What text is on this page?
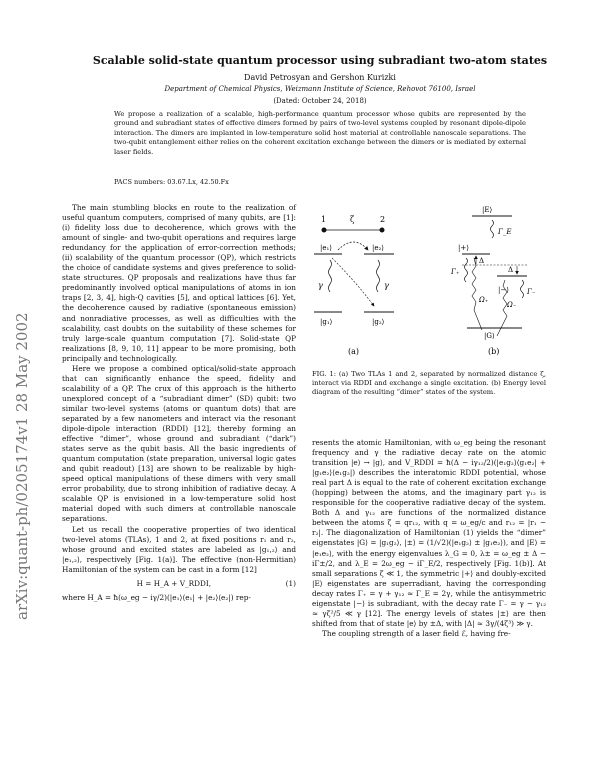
arXiv:quant-ph/0205174v1 28 May 2002
Scalable solid-state quantum processor using subradiant two-atom states
David Petrosyan and Gershon Kurizki
Department of Chemical Physics, Weizmann Institute of Science, Rehovot 76100, Israel
(Dated: October 24, 2018)
We propose a realization of a scalable, high-performance quantum processor whose qubits are represented by the ground and subradiant states of effective dimers formed by pairs of two-level systems coupled by resonant dipole-dipole interaction. The dimers are implanted in low-temperature solid host material at controllable nanoscale separations. The two-qubit entanglement either relies on the coherent excitation exchange between the dimers or is mediated by external laser fields.
PACS numbers: 03.67.Lx, 42.50.Fx

The main stumbling blocks en route to the realization of useful quantum computers, comprised of many qubits, are [1]: (i) fidelity loss due to decoherence, which grows with the amount of single- and two-qubit operations and requires large redundancy for the application of error-correction methods; (ii) scalability of the quantum processor (QP), which restricts the choice of candidate systems and gives preference to solid-state structures. QP proposals and realizations have thus far predominantly involved optical manipulations of atoms in ion traps [2, 3, 4], high-Q cavities [5], and optical lattices [6]. Yet, the decoherence caused by radiative (spontaneous emission) and nonradiative processes, as well as difficulties with the scalability, cast doubts on the suitability of these schemes for truly large-scale quantum computation [7]. Solid-state QP realizations [8, 9, 10, 11] appear to be more promising, both principally and technologically.

Here we propose a combined optical/solid-state approach that can significantly enhance the speed, fidelity and scalability of a QP. The crux of this approach is the hitherto unexplored concept of a “subradiant dimer” (SD) qubit: two similar two-level systems (atoms or quantum dots) that are separated by a few nanometers and interact via the resonant dipole-dipole interaction (RDDI) [12], thereby forming an effective “dimer”, whose ground and subradiant (“dark”) states serve as the qubit basis. All the basic ingredients of quantum computation (state preparation, universal logic gates and qubit readout) [13] are shown to be realizable by high-speed optical manipulations of these dimers with very small error probability, due to strong inhibition of radiative decay. A scalable QP is envisioned in a low-temperature solid host material doped with such dimers at controllable nanoscale separations.

Let us recall the cooperative properties of two identical two-level atoms (TLAs), 1 and 2, at fixed positions r₁ and r₂, whose ground and excited states are labeled as |g₁,₂⟩ and |e₁,₂⟩, respectively [Fig. 1(a)]. The effective (non-Hermitian) Hamiltonian of the system can be cast in a form [12]

H = H_A + V_RDDI,	(1)

where H_A = ħ(ω_eg − iγ/2)(|e₁⟩⟨e₁| + |e₂⟩⟨e₂|) rep-

1	2
ζ
|e₁⟩	|e₂⟩
|g₁⟩	|g₂⟩
γ	γ
(a)
|E⟩
Γ_E
|+⟩
|−⟩
Δ
Δ
Γ₊
Γ₋
|G⟩
Ω₊
Ω₋
(b)
FIG. 1: (a) Two TLAs 1 and 2, separated by normalized distance ζ, interact via RDDI and exchange a single excitation. (b) Energy level diagram of the resulting “dimer” states of the system.

resents the atomic Hamiltonian, with ω_eg being the resonant frequency and γ the radiative decay rate on the atomic transition |e⟩ → |g⟩, and V_RDDI = ħ(Δ − iγ₁₂/2)(|e₁g₂⟩⟨g₁e₂| + |g₁e₂⟩⟨e₁g₂|) describes the interatomic RDDI potential, whose real part Δ is equal to the rate of coherent excitation exchange (hopping) between the atoms, and the imaginary part γ₁₂ is responsible for the cooperative radiative decay of the system. Both Δ and γ₁₂ are functions of the normalized distance between the atoms ζ = qr₁₂, with q = ω_eg/c and r₁₂ = |r₁ − r₂|. The diagonalization of Hamiltonian (1) yields the “dimer” eigenstates |G⟩ = |g₁g₂⟩, |±⟩ = (1/√2)(|e₁g₂⟩ ± |g₁e₂⟩), and |E⟩ = |e₁e₂⟩, with the energy eigenvalues λ_G = 0, λ± = ω_eg ± Δ − iΓ±/2, and λ_E = 2ω_eg − iΓ_E/2, respectively [Fig. 1(b)]. At small separations ζ ≪ 1, the symmetric |+⟩ and doubly-excited |E⟩ eigenstates are superradiant, having the corresponding decay rates Γ₊ = γ + γ₁₂ ≈ Γ_E = 2γ, while the antisymmetric eigenstate |−⟩ is subradiant, with the decay rate Γ₋ = γ − γ₁₂ ≈ γζ²/5 ≪ γ [12]. The energy levels of states |±⟩ are then shifted from that of state |e⟩ by ±Δ, with |Δ| ≈ 3γ/(4ζ³) ≫ γ.

The coupling strength of a laser field ℰ, having fre-
